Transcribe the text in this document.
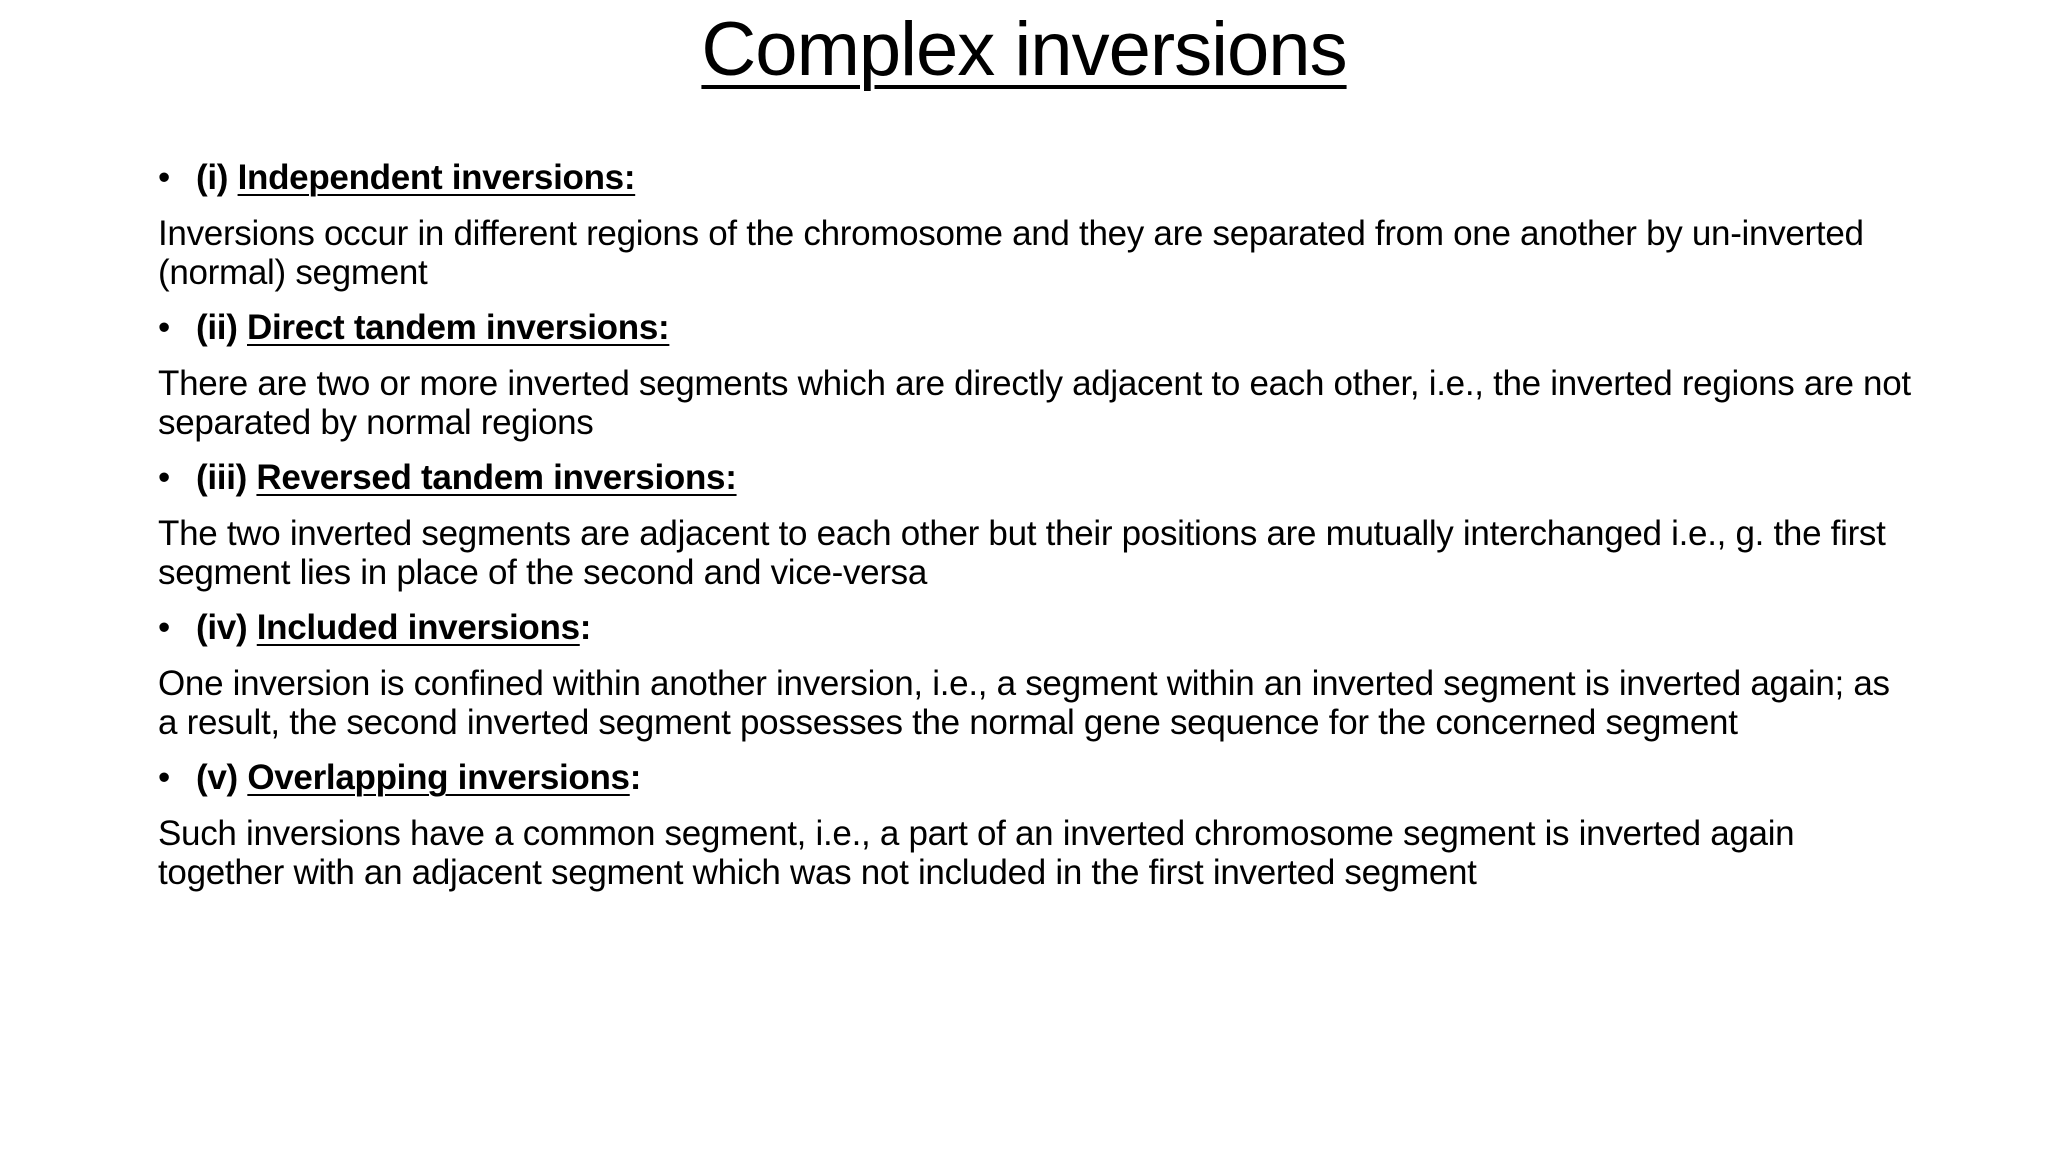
Complex inversions
• (i) Independent inversions:
Inversions occur in different regions of the chromosome and they are separated from one another by un-inverted (normal) segment
• (ii) Direct tandem inversions:
There are two or more inverted segments which are directly adjacent to each other, i.e., the inverted regions are not separated by normal regions
• (iii) Reversed tandem inversions:
The two inverted segments are adjacent to each other but their positions are mutually interchanged i.e., g. the first segment lies in place of the second and vice-versa
• (iv) Included inversions:
One inversion is confined within another inversion, i.e., a segment within an inverted segment is inverted again; as a result, the second inverted segment possesses the normal gene sequence for the concerned segment
• (v) Overlapping inversions:
Such inversions have a common segment, i.e., a part of an inverted chromosome segment is inverted again together with an adjacent segment which was not included in the first inverted segment
